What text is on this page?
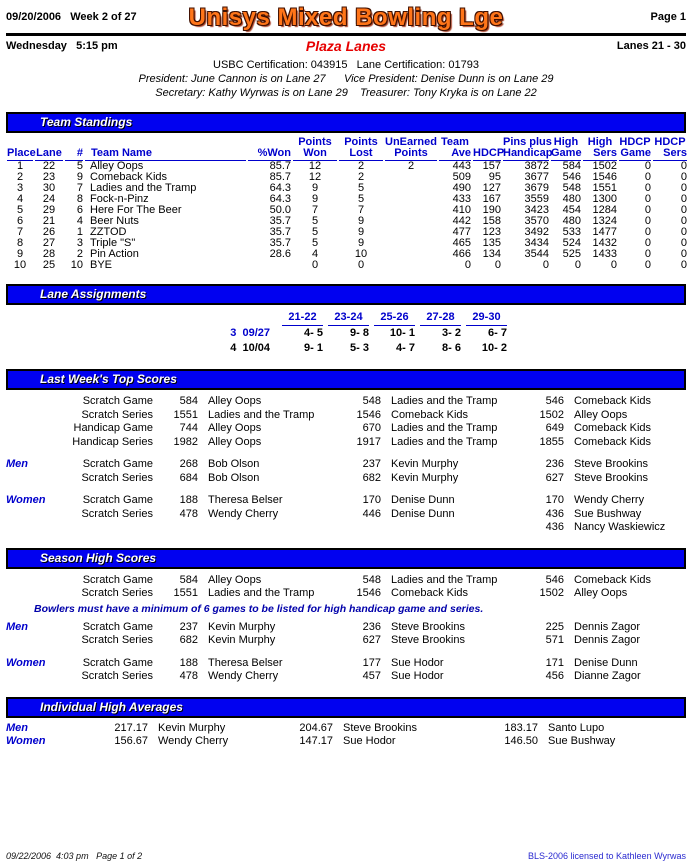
09/20/2006   Week 2 of 27	Unisys Mixed Bowling Lge	Page 1
Wednesday   5:15 pm	Plaza Lanes	Lanes 21 - 30
USBC Certification: 043915   Lane Certification: 01793
President: June Cannon is on Lane 27      Vice President: Denise Dunn is on Lane 29
Secretary: Kathy Wyrwas is on Lane 29    Treasurer: Tony Kryka is on Lane 22
Team Standings
					Points	Points	UnEarned	Team		Pins plus	High	High	HDCP	HDCP

Place	Lane	#	Team Name	%Won	Won	Lost	Points	Ave	HDCP	Handicap	Game	Sers	Game	Sers

1	22	5	Alley Oops	85.7	12	2	2	443	157	3872	584	1502	0	0
2	23	9	Comeback Kids	85.7	12	2		509	95	3677	546	1546	0	0
3	30	7	Ladies and the Tramp	64.3	9	5		490	127	3679	548	1551	0	0
4	24	8	Fock-n-Pinz	64.3	9	5		433	167	3559	480	1300	0	0
5	29	6	Here For The Beer	50.0	7	7		410	190	3423	454	1284	0	0
6	21	4	Beer Nuts	35.7	5	9		442	158	3570	480	1324	0	0
7	26	1	ZZTOD	35.7	5	9		477	123	3492	533	1477	0	0
8	27	3	Triple "S"	35.7	5	9		465	135	3434	524	1432	0	0
9	28	2	Pin Action	28.6	4	10		466	134	3544	525	1433	0	0
10	25	10	BYE		0	0		0	0	0	0	0	0	0
Lane Assignments
21-22	23-24	25-26	27-28	29-30
3  09/27	4- 5	9- 8	10- 1	3- 2	6- 7
4  10/04	9- 1	5- 3	4- 7	8- 6	10- 2
Last Week's Top Scores
Scratch Game	584 Alley Oops	548 Ladies and the Tramp	546 Comeback Kids
Scratch Series	1551 Ladies and the Tramp	1546 Comeback Kids	1502 Alley Oops
Handicap Game	744 Alley Oops	670 Ladies and the Tramp	649 Comeback Kids
Handicap Series	1982 Alley Oops	1917 Ladies and the Tramp	1855 Comeback Kids
Men	Scratch Game	268 Bob Olson	237 Kevin Murphy	236 Steve Brookins
Scratch Series	684 Bob Olson	682 Kevin Murphy	627 Steve Brookins
Women	Scratch Game	188 Theresa Belser	170 Denise Dunn	170 Wendy Cherry
Scratch Series	478 Wendy Cherry	446 Denise Dunn	436 Sue Bushway
436 Nancy Waskiewicz
Season High Scores
Scratch Game	584 Alley Oops	548 Ladies and the Tramp	546 Comeback Kids
Scratch Series	1551 Ladies and the Tramp	1546 Comeback Kids	1502 Alley Oops
Bowlers must have a minimum of 6 games to be listed for high handicap game and series.
Men	Scratch Game	237 Kevin Murphy	236 Steve Brookins	225 Dennis Zagor
Scratch Series	682 Kevin Murphy	627 Steve Brookins	571 Dennis Zagor
Women	Scratch Game	188 Theresa Belser	177 Sue Hodor	171 Denise Dunn
Scratch Series	478 Wendy Cherry	457 Sue Hodor	456 Dianne Zagor
Individual High Averages
Men	217.17 Kevin Murphy	204.67 Steve Brookins	183.17 Santo Lupo
Women	156.67 Wendy Cherry	147.17 Sue Hodor	146.50 Sue Bushway
09/22/2006  4:03 pm   Page 1 of 2	BLS-2006 licensed to Kathleen Wyrwas
